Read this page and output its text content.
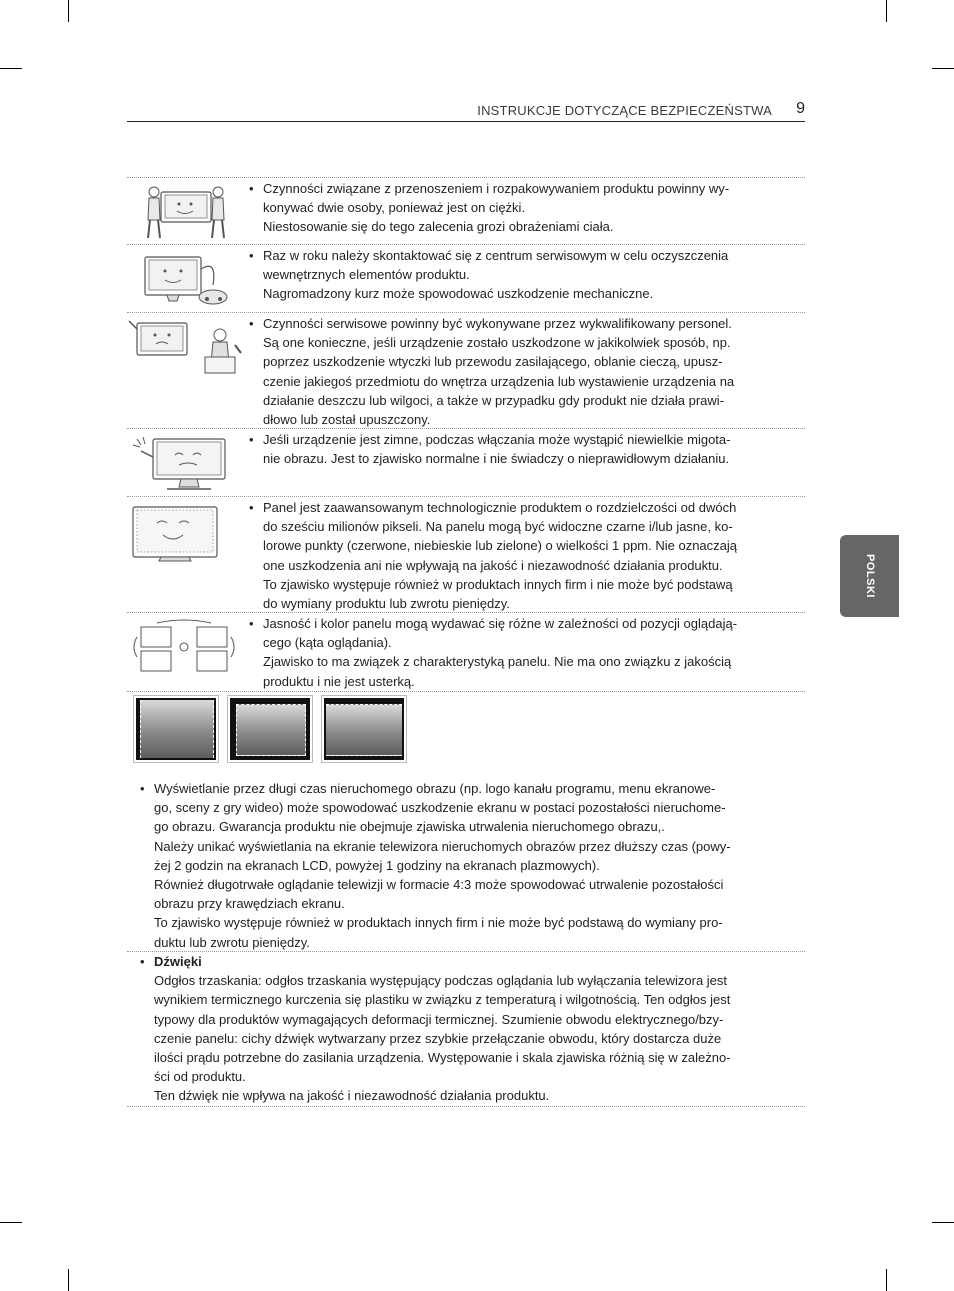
INSTRUKCJE DOTYCZĄCE BEZPIECZEŃSTWA 9
POLSKI
• Czynności związane z przenoszeniem i rozpakowywaniem produktu powinny wy-
konywać dwie osoby, ponieważ jest on ciężki.
Niestosowanie się do tego zalecenia grozi obrażeniami ciała.
• Raz w roku należy skontaktować się z centrum serwisowym w celu oczyszczenia
wewnętrznych elementów produktu.
Nagromadzony kurz może spowodować uszkodzenie mechaniczne.
• Czynności serwisowe powinny być wykonywane przez wykwalifikowany personel.
Są one konieczne, jeśli urządzenie zostało uszkodzone w jakikolwiek sposób, np.
poprzez uszkodzenie wtyczki lub przewodu zasilającego, oblanie cieczą, upusz-
czenie jakiegoś przedmiotu do wnętrza urządzenia lub wystawienie urządzenia na
działanie deszczu lub wilgoci, a także w przypadku gdy produkt nie działa prawi-
dłowo lub został upuszczony.
• Jeśli urządzenie jest zimne, podczas włączania może wystąpić niewielkie migota-
nie obrazu. Jest to zjawisko normalne i nie świadczy o nieprawidłowym działaniu.
• Panel jest zaawansowanym technologicznie produktem o rozdzielczości od dwóch
do sześciu milionów pikseli. Na panelu mogą być widoczne czarne i/lub jasne, ko-
lorowe punkty (czerwone, niebieskie lub zielone) o wielkości 1 ppm. Nie oznaczają
one uszkodzenia ani nie wpływają na jakość i niezawodność działania produktu.
To zjawisko występuje również w produktach innych firm i nie może być podstawą
do wymiany produktu lub zwrotu pieniędzy.
• Jasność i kolor panelu mogą wydawać się różne w zależności od pozycji oglądają-
cego (kąta oglądania).
Zjawisko to ma związek z charakterystyką panelu. Nie ma ono związku z jakością
produktu i nie jest usterką.
• Wyświetlanie przez długi czas nieruchomego obrazu (np. logo kanału programu, menu ekranowe-
go, sceny z gry wideo) może spowodować uszkodzenie ekranu w postaci pozostałości nieruchome-
go obrazu. Gwarancja produktu nie obejmuje zjawiska utrwalenia nieruchomego obrazu,.
Należy unikać wyświetlania na ekranie telewizora nieruchomych obrazów przez dłuższy czas (powy-
żej 2 godzin na ekranach LCD, powyżej 1 godziny na ekranach plazmowych).
Również długotrwałe oglądanie telewizji w formacie 4:3 może spowodować utrwalenie pozostałości
obrazu przy krawędziach ekranu.
To zjawisko występuje również w produktach innych firm i nie może być podstawą do wymiany pro-
duktu lub zwrotu pieniędzy.
• Dźwięki
Odgłos trzaskania: odgłos trzaskania występujący podczas oglądania lub wyłączania telewizora jest
wynikiem termicznego kurczenia się plastiku w związku z temperaturą i wilgotnością. Ten odgłos jest
typowy dla produktów wymagających deformacji termicznej. Szumienie obwodu elektrycznego/bzy-
czenie panelu: cichy dźwięk wytwarzany przez szybkie przełączanie obwodu, który dostarcza duże
ilości prądu potrzebne do zasilania urządzenia. Występowanie i skala zjawiska różnią się w zależno-
ści od produktu.
Ten dźwięk nie wpływa na jakość i niezawodność działania produktu.
